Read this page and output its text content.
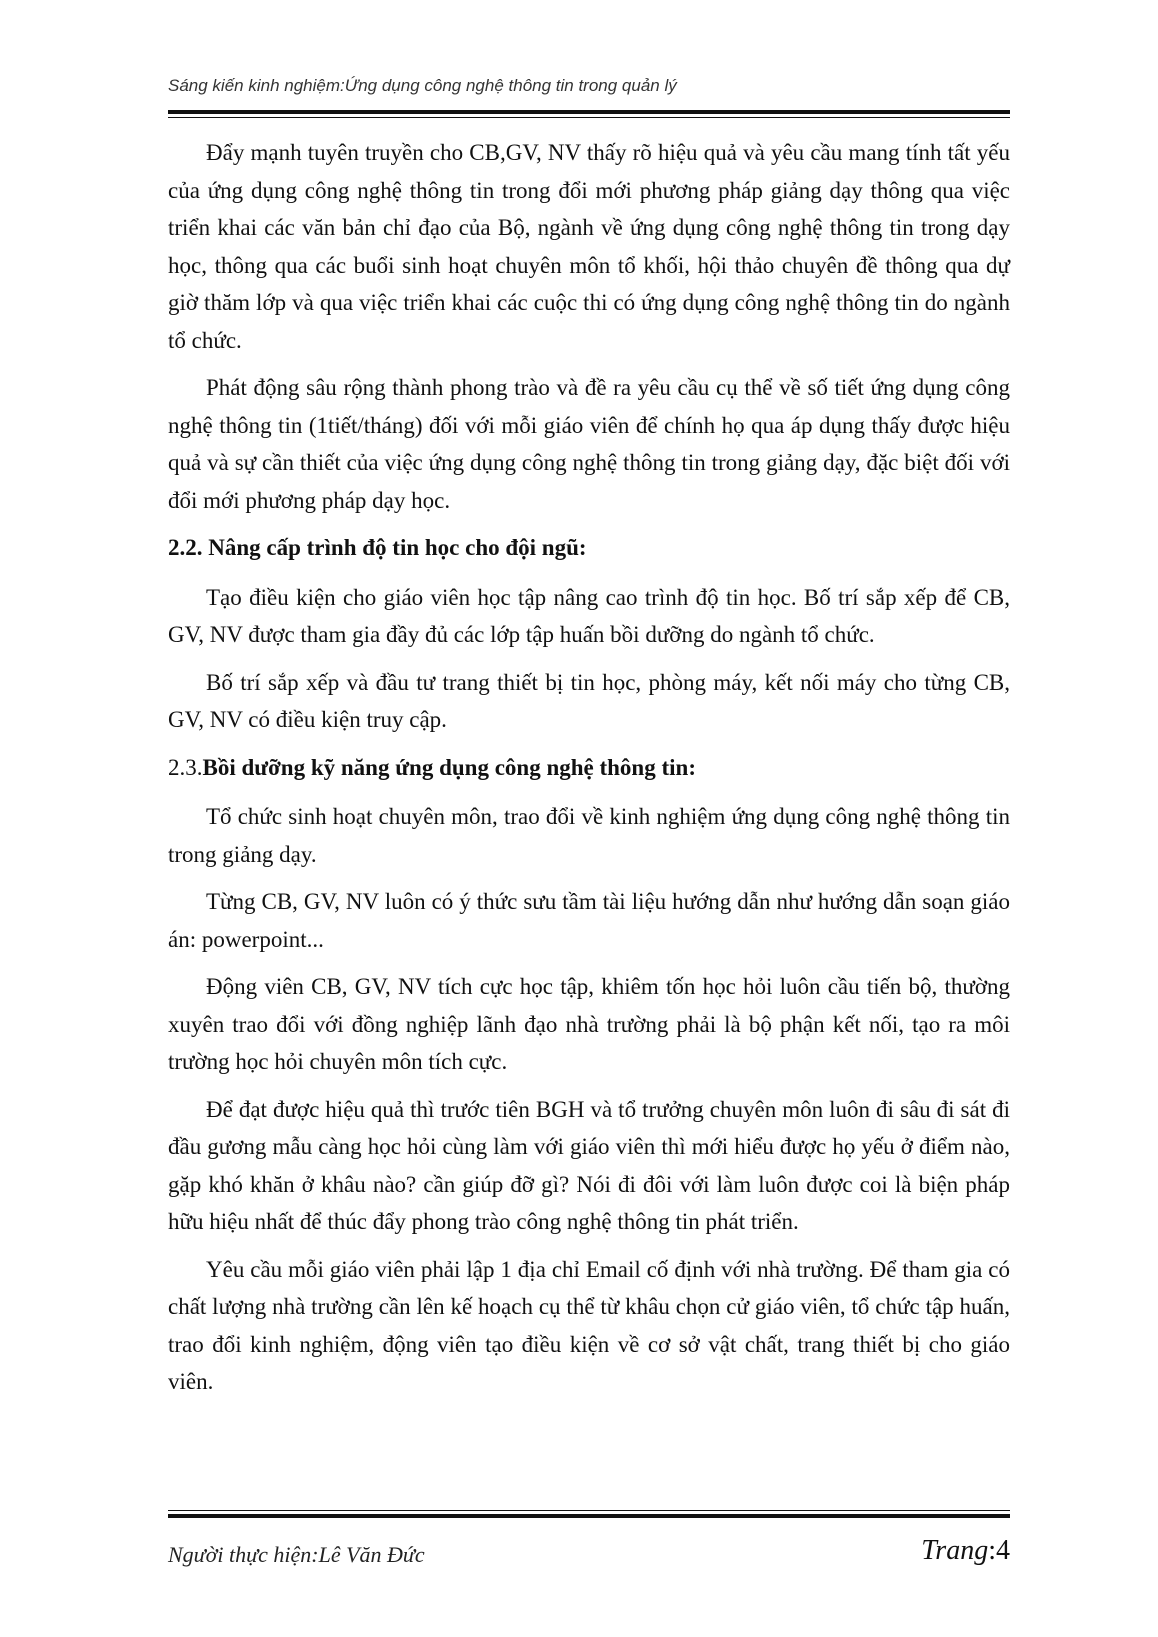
Sáng kiến kinh nghiệm:Ứng dụng công nghệ thông tin trong quản lý

Đẩy mạnh tuyên truyền cho CB,GV, NV thấy rõ hiệu quả và yêu cầu mang tính tất yếu của ứng dụng công nghệ thông tin trong đổi mới phương pháp giảng dạy thông qua việc triển khai các văn bản chỉ đạo của Bộ, ngành về ứng dụng công nghệ thông tin trong dạy học, thông qua các buổi sinh hoạt chuyên môn tổ khối, hội thảo chuyên đề thông qua dự giờ thăm lớp và qua việc triển khai các cuộc thi có ứng dụng công nghệ thông tin do ngành tổ chức.

Phát động sâu rộng thành phong trào và đề ra yêu cầu cụ thể về số tiết ứng dụng công nghệ thông tin (1tiết/tháng) đối với mỗi giáo viên để chính họ qua áp dụng thấy được hiệu quả và sự cần thiết của việc ứng dụng công nghệ thông tin trong giảng dạy, đặc biệt đối với đổi mới phương pháp dạy học.

2.2. Nâng cấp trình độ tin học cho đội ngũ:

Tạo điều kiện cho giáo viên học tập nâng cao trình độ tin học. Bố trí sắp xếp để CB, GV, NV được tham gia đầy đủ các lớp tập huấn bồi dưỡng do ngành tổ chức.

Bố trí sắp xếp và đầu tư trang thiết bị tin học, phòng máy, kết nối máy cho từng CB, GV, NV có điều kiện truy cập.

2.3.Bồi dưỡng kỹ năng ứng dụng công nghệ thông tin:

Tổ chức sinh hoạt chuyên môn, trao đổi về kinh nghiệm ứng dụng công nghệ thông tin trong giảng dạy.

Từng CB, GV, NV luôn có ý thức sưu tầm tài liệu hướng dẫn như hướng dẫn soạn giáo án: powerpoint...

Động viên CB, GV, NV tích cực học tập, khiêm tốn học hỏi luôn cầu tiến bộ, thường xuyên trao đổi với đồng nghiệp lãnh đạo nhà trường phải là bộ phận kết nối, tạo ra môi trường học hỏi chuyên môn tích cực.

Để đạt được hiệu quả thì trước tiên BGH và tổ trưởng chuyên môn luôn đi sâu đi sát đi đầu gương mẫu càng học hỏi cùng làm với giáo viên thì mới hiểu được họ yếu ở điểm nào, gặp khó khăn ở khâu nào? cần giúp đỡ gì? Nói đi đôi với làm luôn được coi là biện pháp hữu hiệu nhất để thúc đẩy phong trào công nghệ thông tin phát triển.

Yêu cầu mỗi giáo viên phải lập 1 địa chỉ Email cố định với nhà trường. Để tham gia có chất lượng nhà trường cần lên kế hoạch cụ thể từ khâu chọn cử giáo viên, tổ chức tập huấn, trao đổi kinh nghiệm, động viên tạo điều kiện về cơ sở vật chất, trang thiết bị cho giáo viên.

Người thực hiện:Lê Văn Đức	Trang:4
